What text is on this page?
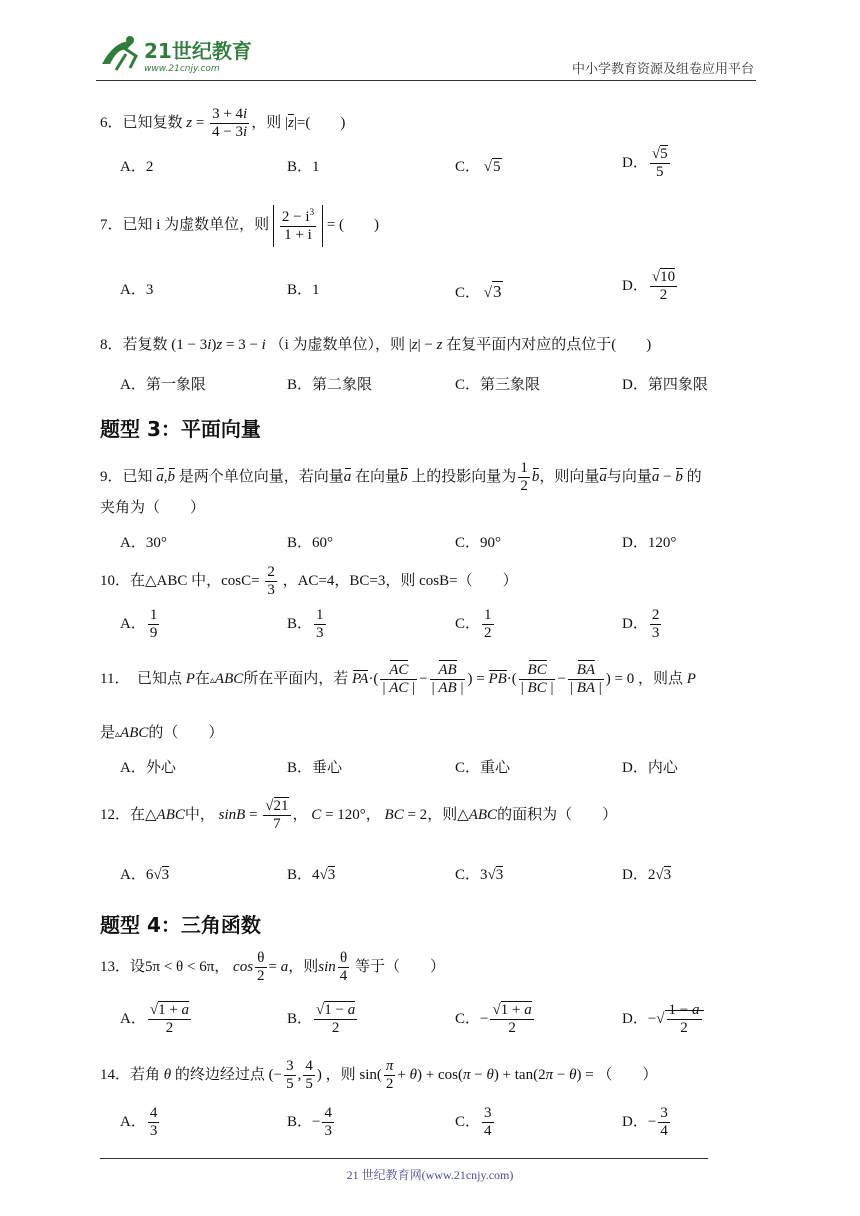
21世纪教育
www.21cnjy.com	中小学教育资源及组卷应用平台
6．已知复数 $z = \frac{3 + 4i}{4 - 3i}$ ，则 $|\overline{z}|=$(　　)
A．2	B．1	C． √5	D． $\frac{√5}{5}$
7．已知 i 为虚数单位，则 $\frac{2 - i^3}{1 + i}$ = (　　)
A．3	B．1	C． √3	D． $\frac{√10}{2}$
8．若复数 (1 − 3i)z = 3 − i （i 为虚数单位），则 |z| − z 在复平面内对应的点位于(　　)
A．第一象限	B．第二象限	C．第三象限	D．第四象限
题型 3：平面向量
9．已知 a,b 是两个单位向量，若向量a 在向量b 上的投影向量为 $\frac{1}{2}$ b，则向量a与向量a − b 的
夹角为（　　）
A．30°	B．60°	C．90°	D．120°
10．在△ABC 中，$\cos C= \frac{2}{3}$ ，AC=4，BC=3，则 cosB=（　　）
A． $\frac{1}{9}$	B． $\frac{1}{3}$	C． $\frac{1}{2}$	D． $\frac{2}{3}$
11．　已知点 P在▵ABC所在平面内，若 $PA\cdot( \frac{AC}{| AC |} - \frac{AB}{| AB |}$ ) = $PB\cdot( \frac{BC}{| BC |} - \frac{BA}{| BA |}$ ) = 0 ，则点 P
是▵ABC的（　　）
A．外心	B．垂心	C．重心	D．内心
12．在△ABC中， $\sin B = \frac{√21}{7}$ ， C = 120°， BC = 2，则△ABC的面积为（　　）
A．6√3	B．4√3	C．3√3	D．2√3
题型 4：三角函数
13．设5π < θ < 6π， $\cos \frac{\theta}{2} = a$，则$\sin \frac{\theta}{4}$ 等于（　　）
A． $\frac{√1 + a}{2}$	B． $\frac{√1 - a}{2}$	C．− $\frac{√1 + a}{2}$	D．−√ $\frac{1 - a}{2}$
14．若角 θ 的终边经过点 (− $\frac{3}{5}$ , $\frac{4}{5}$ ) ，则 $\sin( \frac{\pi}{2} + \theta) + \cos(\pi - \theta) + \tan(2\pi - \theta)$ = （　　）
A． $\frac{4}{3}$	B．− $\frac{4}{3}$	C． $\frac{3}{4}$	D．− $\frac{3}{4}$
21 世纪教育网(www.21cnjy.com)
